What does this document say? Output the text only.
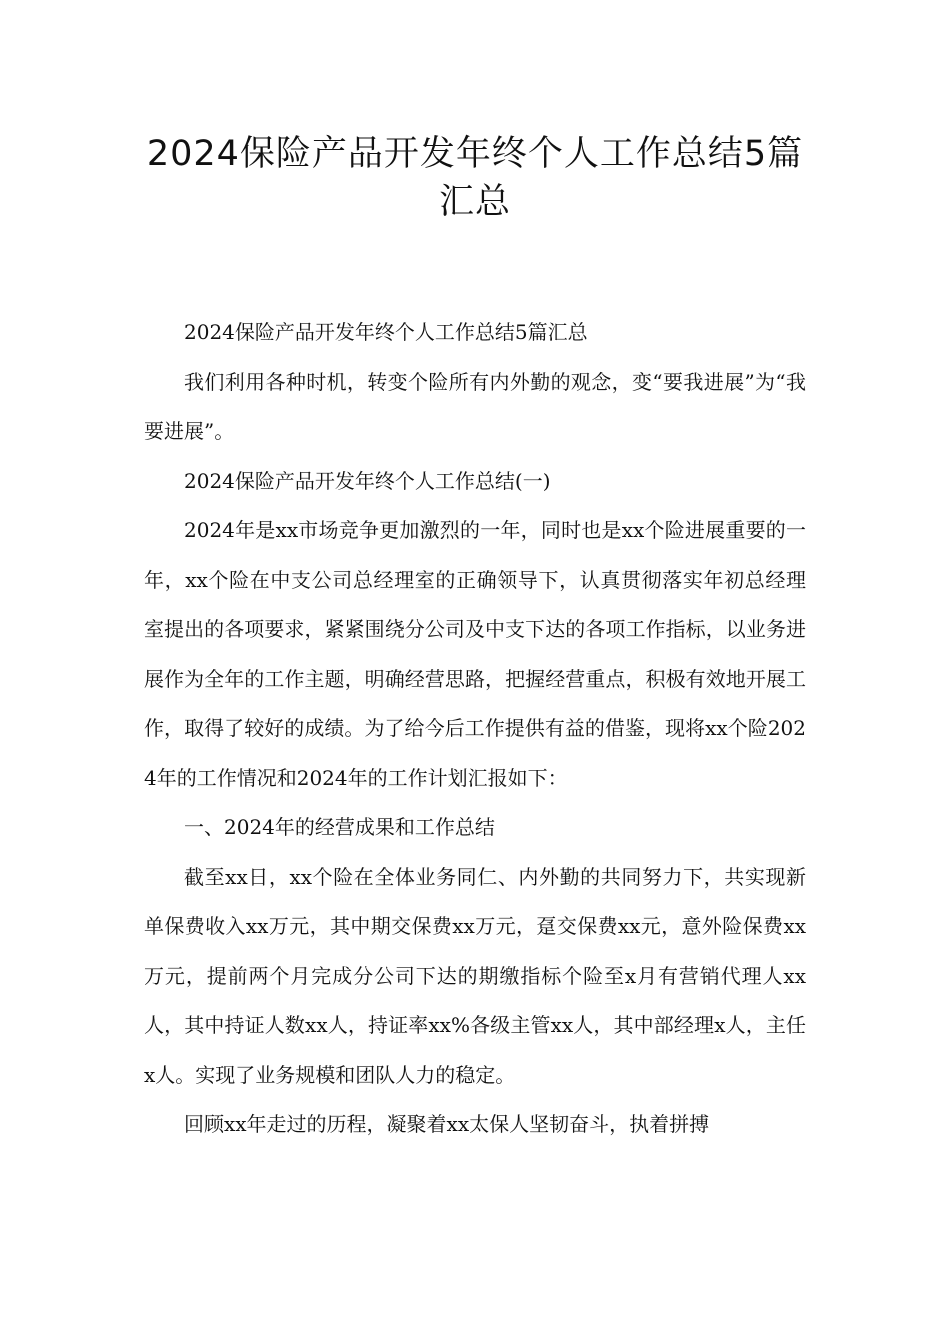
2024保险产品开发年终个人工作总结5篇汇总

2024保险产品开发年终个人工作总结5篇汇总

我们利用各种时机，转变个险所有内外勤的观念，变“要我进展”为“我要进展”。

2024保险产品开发年终个人工作总结(一)

2024年是xx市场竞争更加激烈的一年，同时也是xx个险进展重要的一年，xx个险在中支公司总经理室的正确领导下，认真贯彻落实年初总经理室提出的各项要求，紧紧围绕分公司及中支下达的各项工作指标，以业务进展作为全年的工作主题，明确经营思路，把握经营重点，积极有效地开展工作，取得了较好的成绩。为了给今后工作提供有益的借鉴，现将xx个险2024年的工作情况和2024年的工作计划汇报如下：

一、2024年的经营成果和工作总结

截至xx日，xx个险在全体业务同仁、内外勤的共同努力下，共实现新单保费收入xx万元，其中期交保费xx万元，趸交保费xx元，意外险保费xx万元，提前两个月完成分公司下达的期缴指标个险至x月有营销代理人xx人，其中持证人数xx人，持证率xx%各级主管xx人，其中部经理x人，主任x人。实现了业务规模和团队人力的稳定。

回顾xx年走过的历程，凝聚着xx太保人坚韧奋斗，执着拼搏
